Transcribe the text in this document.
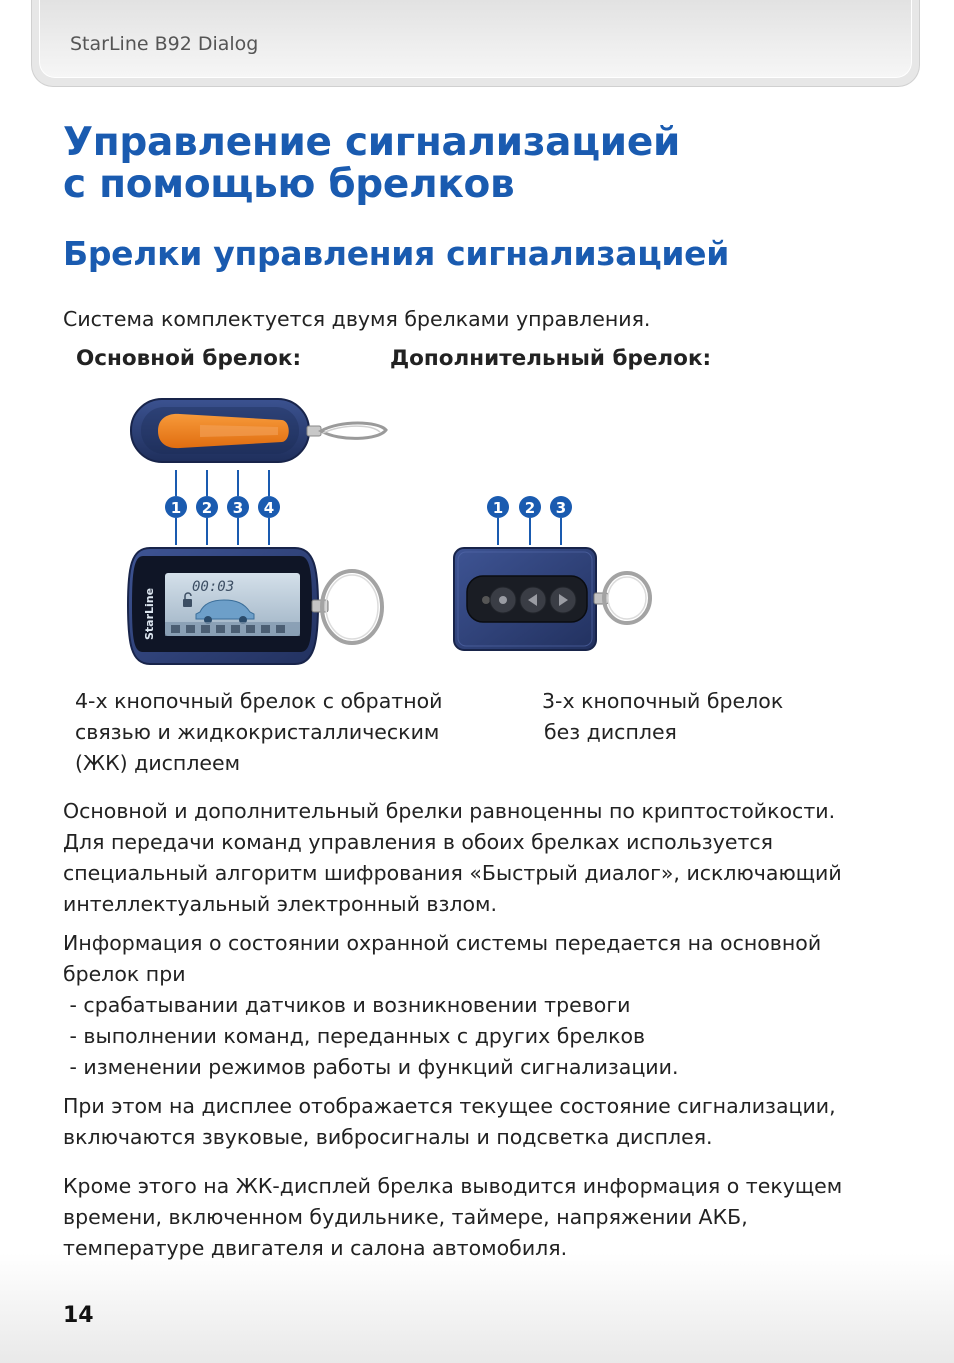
StarLine B92 Dialog
Управление сигнализацией
с помощью брелков
Брелки управления сигнализацией

Система комплектуется двумя брелками управления.

Основной брелок:	Дополнительный брелок:
1 2 3 4
00:03
StarLine
1 2 3
4-х кнопочный брелок с обратной
связью и жидкокристаллическим
(ЖК) дисплеем
3-х кнопочный брелок
без дисплея

Основной и дополнительный брелки равноценны по криптостойкости.
Для передачи команд управления в обоих брелках используется
специальный алгоритм шифрования «Быстрый диалог», исключающий
интеллектуальный электронный взлом.

Информация о состоянии охранной системы передается на основной
брелок при
- срабатывании датчиков и возникновении тревоги
- выполнении команд, переданных с других брелков
- изменении режимов работы и функций сигнализации.

При этом на дисплее отображается текущее состояние сигнализации,
включаются звуковые, вибросигналы и подсветка дисплея.

Кроме этого на ЖК-дисплей брелка выводится информация о текущем
времени, включенном будильнике, таймере, напряжении АКБ,
температуре двигателя и салона автомобиля.

14
